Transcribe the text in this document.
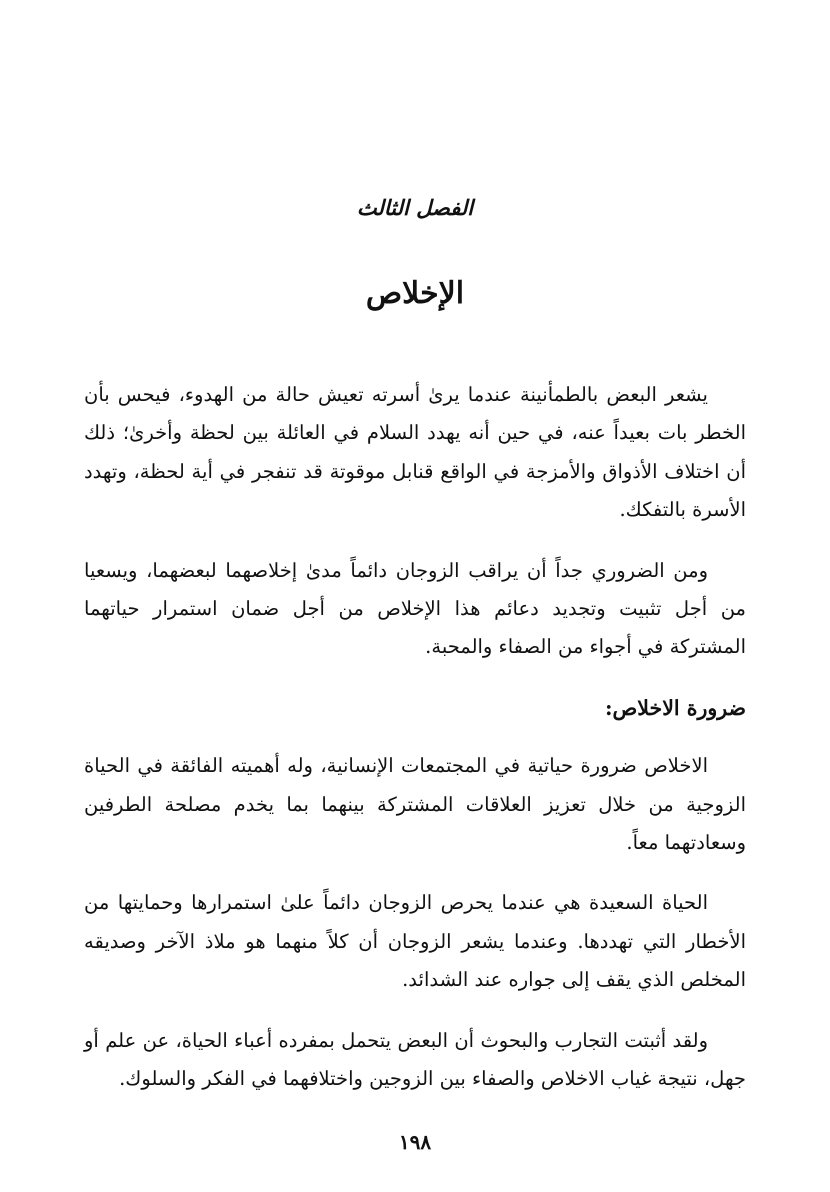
الفصل الثالث
الإخلاص

يشعر البعض بالطمأنينة عندما يرىٰ أسرته تعيش حالة من الهدوء، فيحس بأن الخطر بات بعيداً عنه، في حين أنه يهدد السلام في العائلة بين لحظة وأخرىٰ؛ ذلك أن اختلاف الأذواق والأمزجة في الواقع قنابل موقوتة قد تنفجر في أية لحظة، وتهدد الأسرة بالتفكك.

ومن الضروري جداً أن يراقب الزوجان دائماً مدىٰ إخلاصهما لبعضهما، ويسعيا من أجل تثبيت وتجديد دعائم هذا الإخلاص من أجل ضمان استمرار حياتهما المشتركة في أجواء من الصفاء والمحبة.

ضرورة الاخلاص:

الاخلاص ضرورة حياتية في المجتمعات الإنسانية، وله أهميته الفائقة في الحياة الزوجية من خلال تعزيز العلاقات المشتركة بينهما بما يخدم مصلحة الطرفين وسعادتهما معاً.

الحياة السعيدة هي عندما يحرص الزوجان دائماً علىٰ استمرارها وحمايتها من الأخطار التي تهددها. وعندما يشعر الزوجان أن كلاً منهما هو ملاذ الآخر وصديقه المخلص الذي يقف إلى جواره عند الشدائد.

ولقد أثبتت التجارب والبحوث أن البعض يتحمل بمفرده أعباء الحياة، عن علم أو جهل، نتيجة غياب الاخلاص والصفاء بين الزوجين واختلافهما في الفكر والسلوك.

١٩٨
